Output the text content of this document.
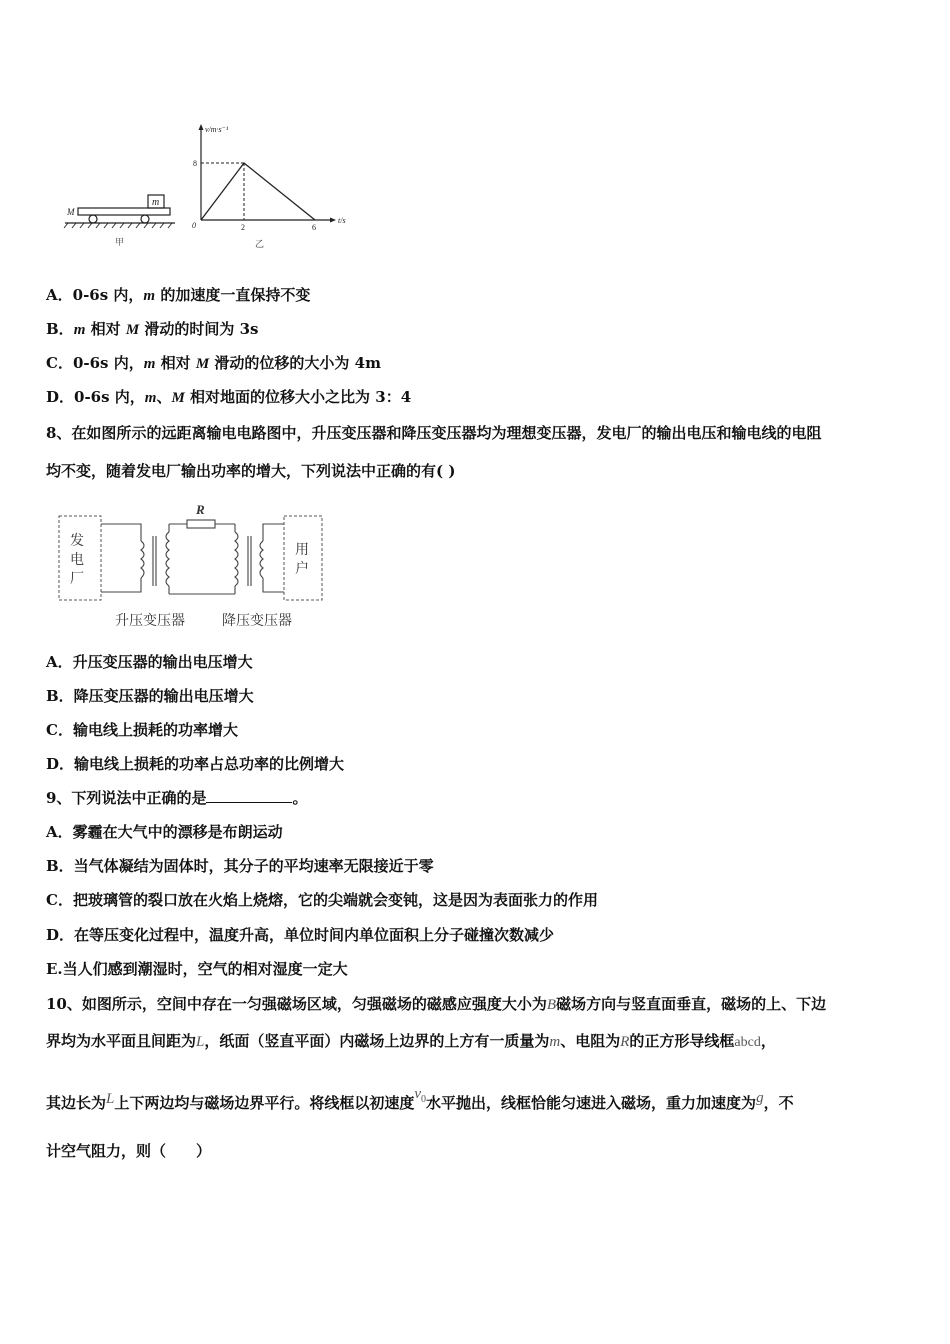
m
M
甲
v/m·s⁻¹
t/s
0
8
2	6
乙
A．0-6s 内，m 的加速度一直保持不变
B．m 相对 M 滑动的时间为 3s
C．0-6s 内，m 相对 M 滑动的位移的大小为 4m
D．0-6s 内，m、M 相对地面的位移大小之比为 3：4
8、在如图所示的远距离输电电路图中，升压变压器和降压变压器均为理想变压器，发电厂的输出电压和输电线的电阻
均不变，随着发电厂输出功率的增大，下列说法中正确的有( )
发
电
厂
用
户
R
升压变压器	降压变压器
A．升压变压器的输出电压增大
B．降压变压器的输出电压增大
C．输电线上损耗的功率增大
D．输电线上损耗的功率占总功率的比例增大
9、下列说法中正确的是	。
A．雾霾在大气中的漂移是布朗运动
B．当气体凝结为固体时，其分子的平均速率无限接近于零
C．把玻璃管的裂口放在火焰上烧熔，它的尖端就会变钝，这是因为表面张力的作用
D．在等压变化过程中，温度升高，单位时间内单位面积上分子碰撞次数减少
E.当人们感到潮湿时，空气的相对湿度一定大
10、如图所示，空间中存在一匀强磁场区域，匀强磁场的磁感应强度大小为B磁场方向与竖直面垂直，磁场的上、下边
界均为水平面且间距为L，纸面（竖直平面）内磁场上边界的上方有一质量为m、电阻为R的正方形导线框abcd，
其边长为L上下两边均与磁场边界平行。将线框以初速度$v^0$水平抛出，线框恰能匀速进入磁场，重力加速度为g，不
计空气阻力，则（　　）
